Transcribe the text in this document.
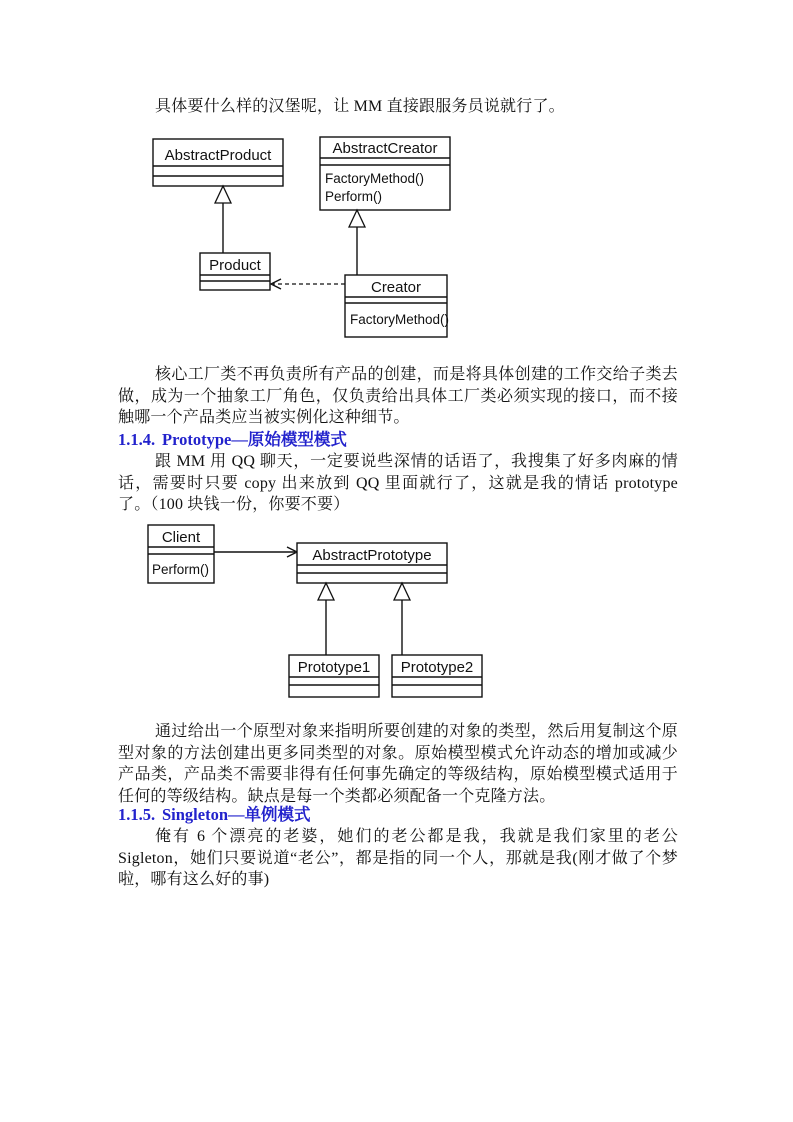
具体要什么样的汉堡呢，让 MM 直接跟服务员说就行了。

AbstractProduct	AbstractCreator
FactoryMethod()
Perform()
Product
Creator
FactoryMethod()

核心工厂类不再负责所有产品的创建，而是将具体创建的工作交给子类去做，成为一个抽象工厂角色，仅负责给出具体工厂类必须实现的接口，而不接触哪一个产品类应当被实例化这种细节。

1.1.4. Prototype—原始模型模式

跟 MM 用 QQ 聊天，一定要说些深情的话语了，我搜集了好多肉麻的情话，需要时只要 copy 出来放到 QQ 里面就行了，这就是我的情话 prototype 了。（100 块钱一份，你要不要）

Client
Perform()
AbstractPrototype
Prototype1 Prototype2

通过给出一个原型对象来指明所要创建的对象的类型，然后用复制这个原型对象的方法创建出更多同类型的对象。原始模型模式允许动态的增加或减少产品类，产品类不需要非得有任何事先确定的等级结构，原始模型模式适用于任何的等级结构。缺点是每一个类都必须配备一个克隆方法。

1.1.5. Singleton—单例模式

俺有 6 个漂亮的老婆，她们的老公都是我，我就是我们家里的老公 Sigleton，她们只要说道“老公”，都是指的同一个人，那就是我(刚才做了个梦啦，哪有这么好的事)
